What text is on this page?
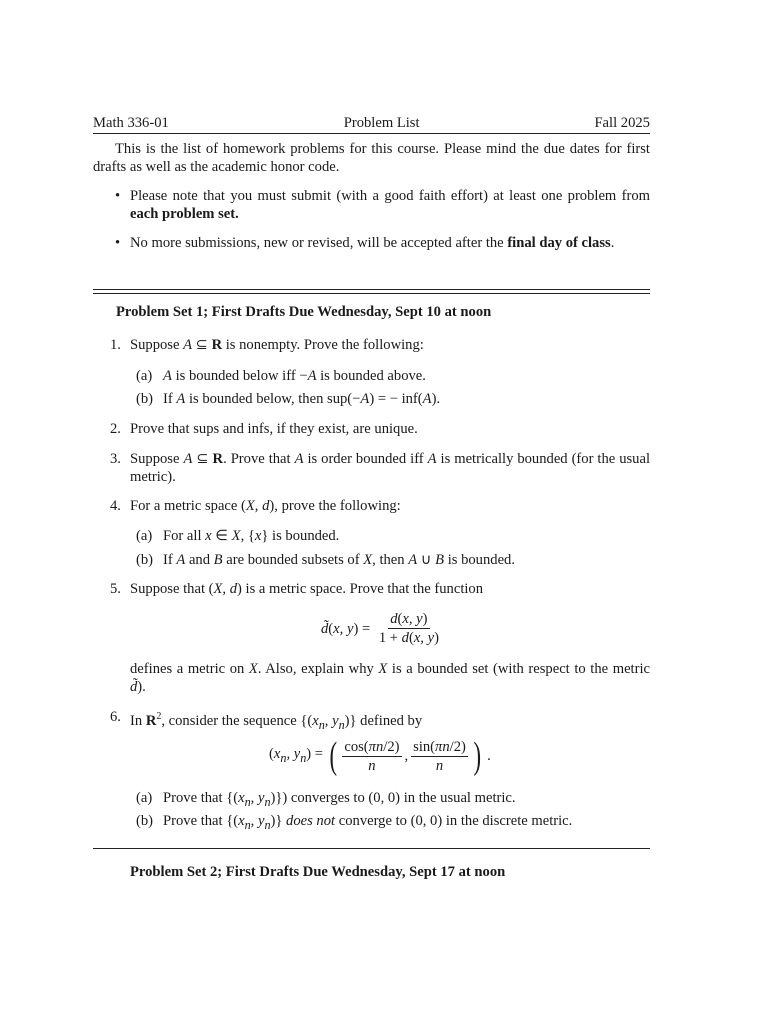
Math 336-01	Problem List	Fall 2025

This is the list of homework problems for this course. Please mind the due dates for first drafts as well as the academic honor code.

• Please note that you must submit (with a good faith effort) at least one problem from each problem set.
• No more submissions, new or revised, will be accepted after the final day of class.
Problem Set 1; First Drafts Due Wednesday, Sept 10 at noon
1. Suppose A ⊆ R is nonempty. Prove the following:
(a) A is bounded below iff −A is bounded above.
(b) If A is bounded below, then sup(−A) = − inf(A).
2. Prove that sups and infs, if they exist, are unique.
3. Suppose A ⊆ R. Prove that A is order bounded iff A is metrically bounded (for the usual metric).
4. For a metric space (X, d), prove the following:
(a) For all x ∈ X, {x} is bounded.
(b) If A and B are bounded subsets of X, then A ∪ B is bounded.
5. Suppose that (X, d) is a metric space. Prove that the function
d̃(x, $y) = \frac{d(x, y)}{1 + d(x, y)}$
defines a metric on X. Also, explain why X is a bounded set (with respect to the metric d̃).
6. In $R^2$, consider the sequence {($x_n$, $y_n$)} defined by
($x_n$, $y_n$) = ( $\frac{\cos(\pi n/2)}{n}$ , $\frac{\sin(\pi n/2)}{n}$ ) .
(a) Prove that {($x_n$, $y_n$)}) converges to (0, 0) in the usual metric.
(b) Prove that {($x_n$, $y_n$)} does not converge to (0, 0) in the discrete metric.
Problem Set 2; First Drafts Due Wednesday, Sept 17 at noon
